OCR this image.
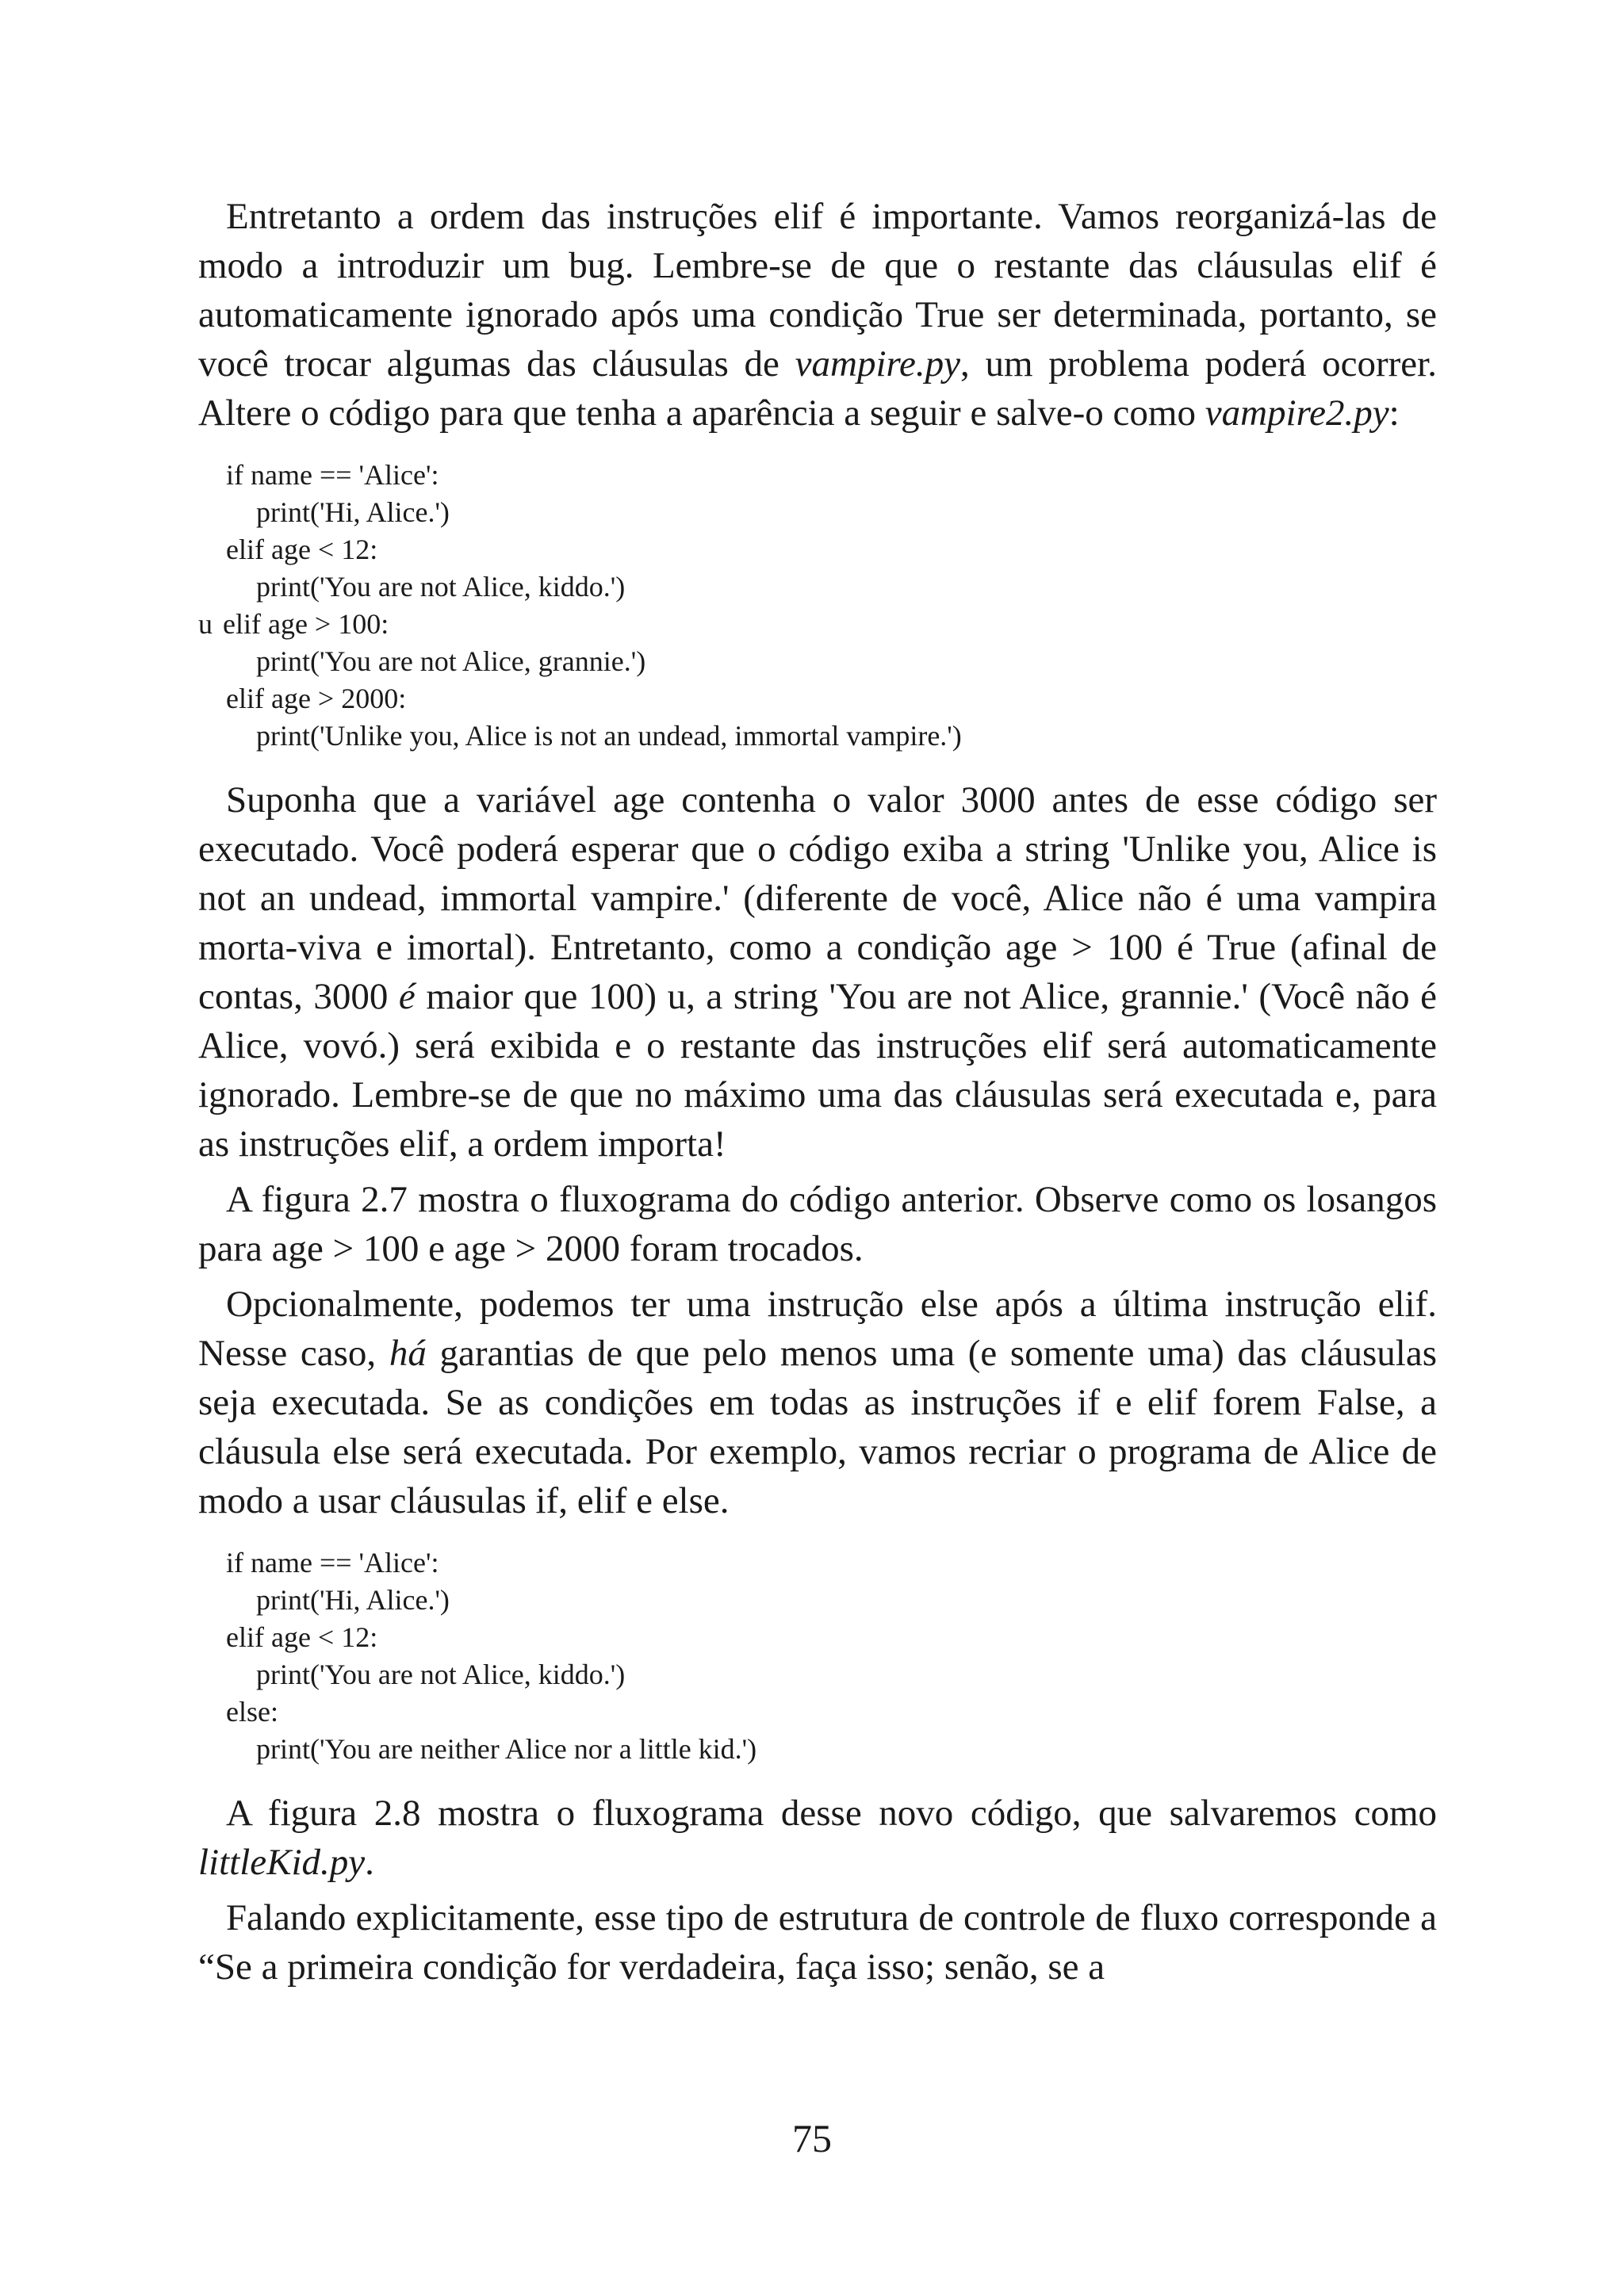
Entretanto a ordem das instruções elif é importante. Vamos reorganizá-las de modo a introduzir um bug. Lembre-se de que o restante das cláusulas elif é automaticamente ignorado após uma condição True ser determinada, portanto, se você trocar algumas das cláusulas de vampire.py, um problema poderá ocorrer. Altere o código para que tenha a aparência a seguir e salve-o como vampire2.py:

if name == 'Alice':
print('Hi, Alice.')
elif age < 12:
print('You are not Alice, kiddo.')
u elif age > 100:
print('You are not Alice, grannie.')
elif age > 2000:
print('Unlike you, Alice is not an undead, immortal vampire.')

Suponha que a variável age contenha o valor 3000 antes de esse código ser executado. Você poderá esperar que o código exiba a string 'Unlike you, Alice is not an undead, immortal vampire.' (diferente de você, Alice não é uma vampira morta-viva e imortal). Entretanto, como a condição age > 100 é True (afinal de contas, 3000 é maior que 100) u, a string 'You are not Alice, grannie.' (Você não é Alice, vovó.) será exibida e o restante das instruções elif será automaticamente ignorado. Lembre-se de que no máximo uma das cláusulas será executada e, para as instruções elif, a ordem importa!

A figura 2.7 mostra o fluxograma do código anterior. Observe como os losangos para age > 100 e age > 2000 foram trocados.

Opcionalmente, podemos ter uma instrução else após a última instrução elif. Nesse caso, há garantias de que pelo menos uma (e somente uma) das cláusulas seja executada. Se as condições em todas as instruções if e elif forem False, a cláusula else será executada. Por exemplo, vamos recriar o programa de Alice de modo a usar cláusulas if, elif e else.

if name == 'Alice':
print('Hi, Alice.')
elif age < 12:
print('You are not Alice, kiddo.')
else:
print('You are neither Alice nor a little kid.')

A figura 2.8 mostra o fluxograma desse novo código, que salvaremos como littleKid.py.

Falando explicitamente, esse tipo de estrutura de controle de fluxo corresponde a “Se a primeira condição for verdadeira, faça isso; senão, se a

75
